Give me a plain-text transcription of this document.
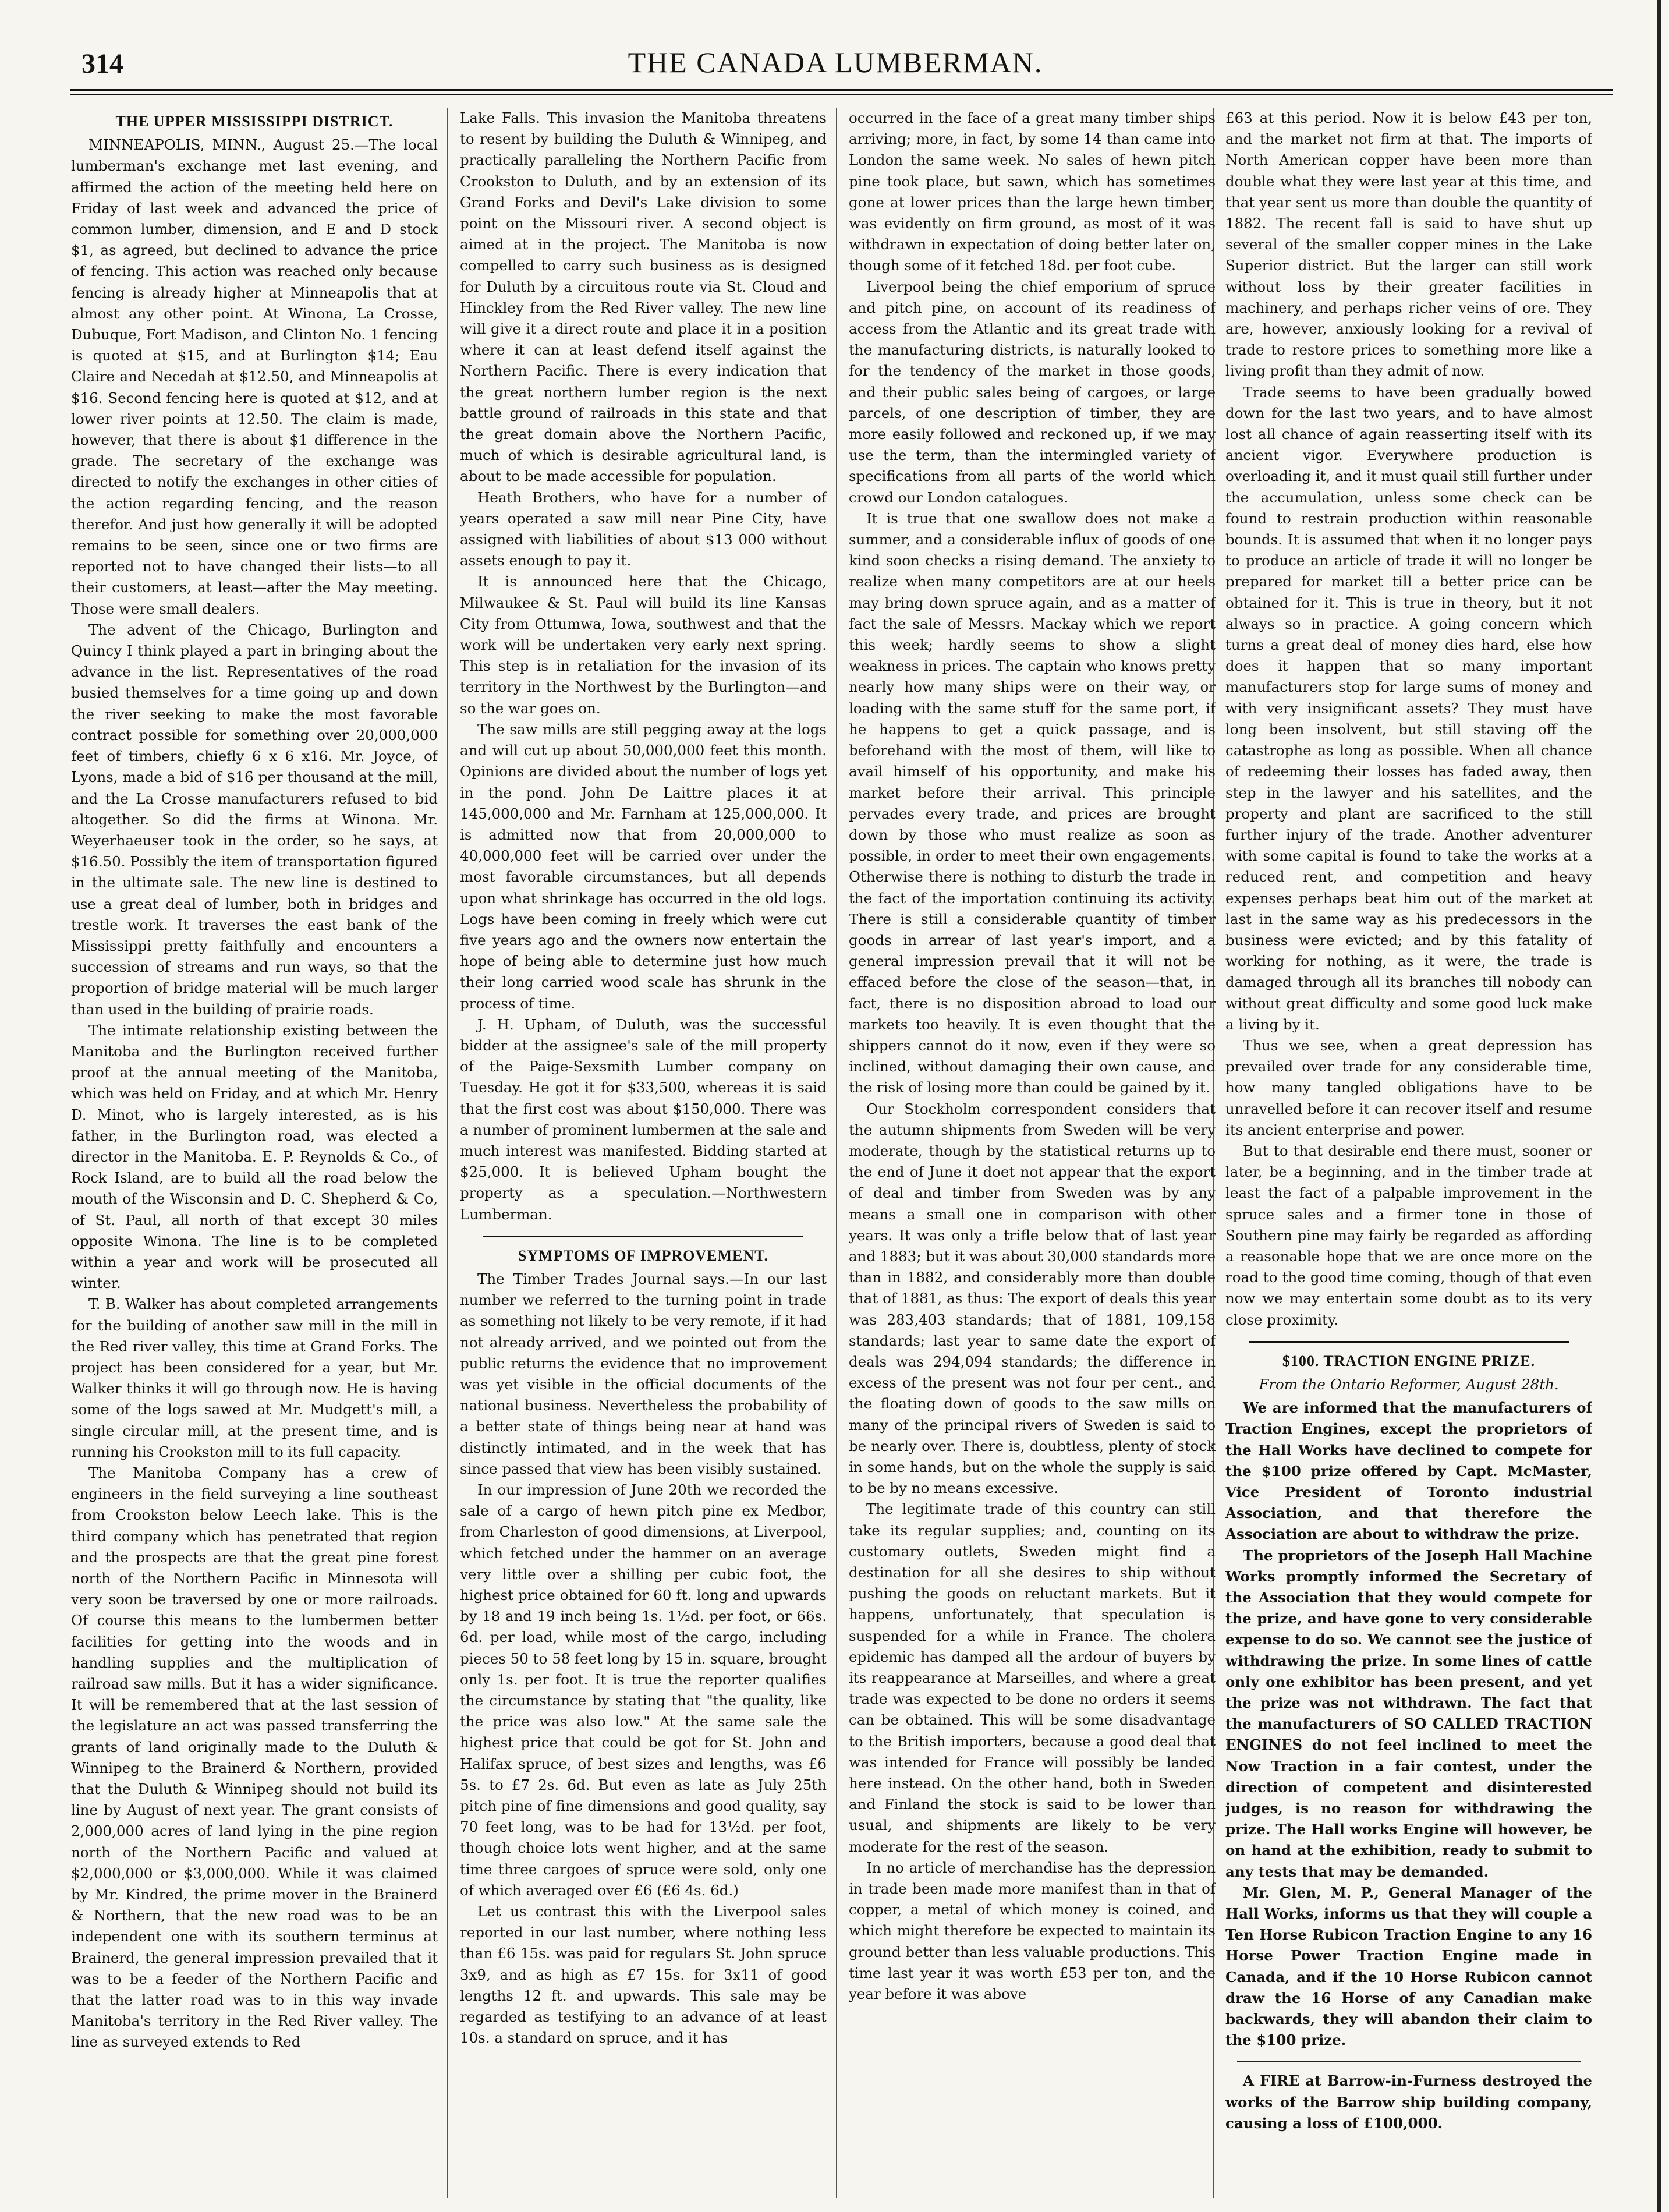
314	THE CANADA LUMBERMAN.
THE UPPER MISSISSIPPI DISTRICT.

MINNEAPOLIS, MINN., August 25.—The local lumberman's exchange met last evening, and affirmed the action of the meeting held here on Friday of last week and advanced the price of common lumber, dimension, and E and D stock $1, as agreed, but declined to advance the price of fencing. This action was reached only because fencing is already higher at Minneapolis that at almost any other point. At Winona, La Crosse, Dubuque, Fort Madison, and Clinton No. 1 fencing is quoted at $15, and at Burlington $14; Eau Claire and Necedah at $12.50, and Minneapolis at $16. Second fencing here is quoted at $12, and at lower river points at 12.50. The claim is made, however, that there is about $1 difference in the grade. The secretary of the exchange was directed to notify the exchanges in other cities of the action regarding fencing, and the reason therefor. And just how generally it will be adopted remains to be seen, since one or two firms are reported not to have changed their lists—to all their customers, at least—after the May meeting. Those were small dealers.

The advent of the Chicago, Burlington and Quincy I think played a part in bringing about the advance in the list. Representatives of the road busied themselves for a time going up and down the river seeking to make the most favorable contract possible for something over 20,000,000 feet of timbers, chiefly 6 x 6 x16. Mr. Joyce, of Lyons, made a bid of $16 per thousand at the mill, and the La Crosse manufacturers refused to bid altogether. So did the firms at Winona. Mr. Weyerhaeuser took in the order, so he says, at $16.50. Possibly the item of transportation figured in the ultimate sale. The new line is destined to use a great deal of lumber, both in bridges and trestle work. It traverses the east bank of the Mississippi pretty faithfully and encounters a succession of streams and run ways, so that the proportion of bridge material will be much larger than used in the building of prairie roads.

The intimate relationship existing between the Manitoba and the Burlington received further proof at the annual meeting of the Manitoba, which was held on Friday, and at which Mr. Henry D. Minot, who is largely interested, as is his father, in the Burlington road, was elected a director in the Manitoba. E. P. Reynolds & Co., of Rock Island, are to build all the road below the mouth of the Wisconsin and D. C. Shepherd & Co, of St. Paul, all north of that except 30 miles opposite Winona. The line is to be completed within a year and work will be prosecuted all winter.

T. B. Walker has about completed arrangements for the building of another saw mill in the mill in the Red river valley, this time at Grand Forks. The project has been considered for a year, but Mr. Walker thinks it will go through now. He is having some of the logs sawed at Mr. Mudgett's mill, a single circular mill, at the present time, and is running his Crookston mill to its full capacity.

The Manitoba Company has a crew of engineers in the field surveying a line southeast from Crookston below Leech lake. This is the third company which has penetrated that region and the prospects are that the great pine forest north of the Northern Pacific in Minnesota will very soon be traversed by one or more railroads. Of course this means to the lumbermen better facilities for getting into the woods and in handling supplies and the multiplication of railroad saw mills. But it has a wider significance. It will be remembered that at the last session of the legislature an act was passed transferring the grants of land originally made to the Duluth & Winnipeg to the Brainerd & Northern, provided that the Duluth & Winnipeg should not build its line by August of next year. The grant consists of 2,000,000 acres of land lying in the pine region north of the Northern Pacific and valued at $2,000,000 or $3,000,000. While it was claimed by Mr. Kindred, the prime mover in the Brainerd & Northern, that the new road was to be an independent one with its southern terminus at Brainerd, the general impression prevailed that it was to be a feeder of the Northern Pacific and that the latter road was to in this way invade Manitoba's territory in the Red River valley. The line as surveyed extends to Red

Lake Falls. This invasion the Manitoba threatens to resent by building the Duluth & Winnipeg, and practically paralleling the Northern Pacific from Crookston to Duluth, and by an extension of its Grand Forks and Devil's Lake division to some point on the Missouri river. A second object is aimed at in the project. The Manitoba is now compelled to carry such business as is designed for Duluth by a circuitous route via St. Cloud and Hinckley from the Red River valley. The new line will give it a direct route and place it in a position where it can at least defend itself against the Northern Pacific. There is every indication that the great northern lumber region is the next battle ground of railroads in this state and that the great domain above the Northern Pacific, much of which is desirable agricultural land, is about to be made accessible for population.

Heath Brothers, who have for a number of years operated a saw mill near Pine City, have assigned with liabilities of about $13 000 without assets enough to pay it.

It is announced here that the Chicago, Milwaukee & St. Paul will build its line Kansas City from Ottumwa, Iowa, southwest and that the work will be undertaken very early next spring. This step is in retaliation for the invasion of its territory in the Northwest by the Burlington—and so the war goes on.

The saw mills are still pegging away at the logs and will cut up about 50,000,000 feet this month. Opinions are divided about the number of logs yet in the pond. John De Laittre places it at 145,000,000 and Mr. Farnham at 125,000,000. It is admitted now that from 20,000,000 to 40,000,000 feet will be carried over under the most favorable circumstances, but all depends upon what shrinkage has occurred in the old logs. Logs have been coming in freely which were cut five years ago and the owners now entertain the hope of being able to determine just how much their long carried wood scale has shrunk in the process of time.

J. H. Upham, of Duluth, was the successful bidder at the assignee's sale of the mill property of the Paige-Sexsmith Lumber company on Tuesday. He got it for $33,500, whereas it is said that the first cost was about $150,000. There was a number of prominent lumbermen at the sale and much interest was manifested. Bidding started at $25,000. It is believed Upham bought the property as a speculation.—Northwestern Lumberman.

SYMPTOMS OF IMPROVEMENT.

The Timber Trades Journal says.—In our last number we referred to the turning point in trade as something not likely to be very remote, if it had not already arrived, and we pointed out from the public returns the evidence that no improvement was yet visible in the official documents of the national business. Nevertheless the probability of a better state of things being near at hand was distinctly intimated, and in the week that has since passed that view has been visibly sustained.

In our impression of June 20th we recorded the sale of a cargo of hewn pitch pine ex Medbor, from Charleston of good dimensions, at Liverpool, which fetched under the hammer on an average very little over a shilling per cubic foot, the highest price obtained for 60 ft. long and upwards by 18 and 19 inch being 1s. 1½d. per foot, or 66s. 6d. per load, while most of the cargo, including pieces 50 to 58 feet long by 15 in. square, brought only 1s. per foot. It is true the reporter qualifies the circumstance by stating that "the quality, like the price was also low." At the same sale the highest price that could be got for St. John and Halifax spruce, of best sizes and lengths, was £6 5s. to £7 2s. 6d. But even as late as July 25th pitch pine of fine dimensions and good quality, say 70 feet long, was to be had for 13½d. per foot, though choice lots went higher, and at the same time three cargoes of spruce were sold, only one of which averaged over £6 (£6 4s. 6d.)

Let us contrast this with the Liverpool sales reported in our last number, where nothing less than £6 15s. was paid for regulars St. John spruce 3x9, and as high as £7 15s. for 3x11 of good lengths 12 ft. and upwards. This sale may be regarded as testifying to an advance of at least 10s. a standard on spruce, and it has

occurred in the face of a great many timber ships arriving; more, in fact, by some 14 than came into London the same week. No sales of hewn pitch pine took place, but sawn, which has sometimes gone at lower prices than the large hewn timber, was evidently on firm ground, as most of it was withdrawn in expectation of doing better later on, though some of it fetched 18d. per foot cube.

Liverpool being the chief emporium of spruce and pitch pine, on account of its readiness of access from the Atlantic and its great trade with the manufacturing districts, is naturally looked to for the tendency of the market in those goods, and their public sales being of cargoes, or large parcels, of one description of timber, they are more easily followed and reckoned up, if we may use the term, than the intermingled variety of specifications from all parts of the world which crowd our London catalogues.

It is true that one swallow does not make a summer, and a considerable influx of goods of one kind soon checks a rising demand. The anxiety to realize when many competitors are at our heels may bring down spruce again, and as a matter of fact the sale of Messrs. Mackay which we report this week; hardly seems to show a slight weakness in prices. The captain who knows pretty nearly how many ships were on their way, or loading with the same stuff for the same port, if he happens to get a quick passage, and is beforehand with the most of them, will like to avail himself of his opportunity, and make his market before their arrival. This principle pervades every trade, and prices are brought down by those who must realize as soon as possible, in order to meet their own engagements. Otherwise there is nothing to disturb the trade in the fact of the importation continuing its activity. There is still a considerable quantity of timber goods in arrear of last year's import, and a general impression prevail that it will not be effaced before the close of the season—that, in fact, there is no disposition abroad to load our markets too heavily. It is even thought that the shippers cannot do it now, even if they were so inclined, without damaging their own cause, and the risk of losing more than could be gained by it.

Our Stockholm correspondent considers that the autumn shipments from Sweden will be very moderate, though by the statistical returns up to the end of June it doet not appear that the export of deal and timber from Sweden was by any means a small one in comparison with other years. It was only a trifle below that of last year and 1883; but it was about 30,000 standards more than in 1882, and considerably more than double that of 1881, as thus: The export of deals this year was 283,403 standards; that of 1881, 109,158 standards; last year to same date the export of deals was 294,094 standards; the difference in excess of the present was not four per cent., and the floating down of goods to the saw mills on many of the principal rivers of Sweden is said to be nearly over. There is, doubtless, plenty of stock in some hands, but on the whole the supply is said to be by no means excessive.

The legitimate trade of this country can still take its regular supplies; and, counting on its customary outlets, Sweden might find a destination for all she desires to ship without pushing the goods on reluctant markets. But it happens, unfortunately, that speculation is suspended for a while in France. The cholera epidemic has damped all the ardour of buyers by its reappearance at Marseilles, and where a great trade was expected to be done no orders it seems can be obtained. This will be some disadvantage to the British importers, because a good deal that was intended for France will possibly be landed here instead. On the other hand, both in Sweden and Finland the stock is said to be lower than usual, and shipments are likely to be very moderate for the rest of the season.

In no article of merchandise has the depression in trade been made more manifest than in that of copper, a metal of which money is coined, and which might therefore be expected to maintain its ground better than less valuable productions. This time last year it was worth £53 per ton, and the year before it was above

£63 at this period. Now it is below £43 per ton, and the market not firm at that. The imports of North American copper have been more than double what they were last year at this time, and that year sent us more than double the quantity of 1882. The recent fall is said to have shut up several of the smaller copper mines in the Lake Superior district. But the larger can still work without loss by their greater facilities in machinery, and perhaps richer veins of ore. They are, however, anxiously looking for a revival of trade to restore prices to something more like a living profit than they admit of now.

Trade seems to have been gradually bowed down for the last two years, and to have almost lost all chance of again reasserting itself with its ancient vigor. Everywhere production is overloading it, and it must quail still further under the accumulation, unless some check can be found to restrain production within reasonable bounds. It is assumed that when it no longer pays to produce an article of trade it will no longer be prepared for market till a better price can be obtained for it. This is true in theory, but it not always so in practice. A going concern which turns a great deal of money dies hard, else how does it happen that so many important manufacturers stop for large sums of money and with very insignificant assets? They must have long been insolvent, but still staving off the catastrophe as long as possible. When all chance of redeeming their losses has faded away, then step in the lawyer and his satellites, and the property and plant are sacrificed to the still further injury of the trade. Another adventurer with some capital is found to take the works at a reduced rent, and competition and heavy expenses perhaps beat him out of the market at last in the same way as his predecessors in the business were evicted; and by this fatality of working for nothing, as it were, the trade is damaged through all its branches till nobody can without great difficulty and some good luck make a living by it.

Thus we see, when a great depression has prevailed over trade for any considerable time, how many tangled obligations have to be unravelled before it can recover itself and resume its ancient enterprise and power.

But to that desirable end there must, sooner or later, be a beginning, and in the timber trade at least the fact of a palpable improvement in the spruce sales and a firmer tone in those of Southern pine may fairly be regarded as affording a reasonable hope that we are once more on the road to the good time coming, though of that even now we may entertain some doubt as to its very close proximity.

$100. TRACTION ENGINE PRIZE.
From the Ontario Reformer, August 28th.

We are informed that the manufacturers of Traction Engines, except the proprietors of the Hall Works have declined to compete for the $100 prize offered by Capt. McMaster, Vice President of Toronto industrial Association, and that therefore the Association are about to withdraw the prize.

The proprietors of the Joseph Hall Machine Works promptly informed the Secretary of the Association that they would compete for the prize, and have gone to very considerable expense to do so. We cannot see the justice of withdrawing the prize. In some lines of cattle only one exhibitor has been present, and yet the prize was not withdrawn. The fact that the manufacturers of SO CALLED TRACTION ENGINES do not feel inclined to meet the Now Traction in a fair contest, under the direction of competent and disinterested judges, is no reason for withdrawing the prize. The Hall works Engine will however, be on hand at the exhibition, ready to submit to any tests that may be demanded.

Mr. Glen, M. P., General Manager of the Hall Works, informs us that they will couple a Ten Horse Rubicon Traction Engine to any 16 Horse Power Traction Engine made in Canada, and if the 10 Horse Rubicon cannot draw the 16 Horse of any Canadian make backwards, they will abandon their claim to the $100 prize.

A FIRE at Barrow-in-Furness destroyed the works of the Barrow ship building company, causing a loss of £100,000.
